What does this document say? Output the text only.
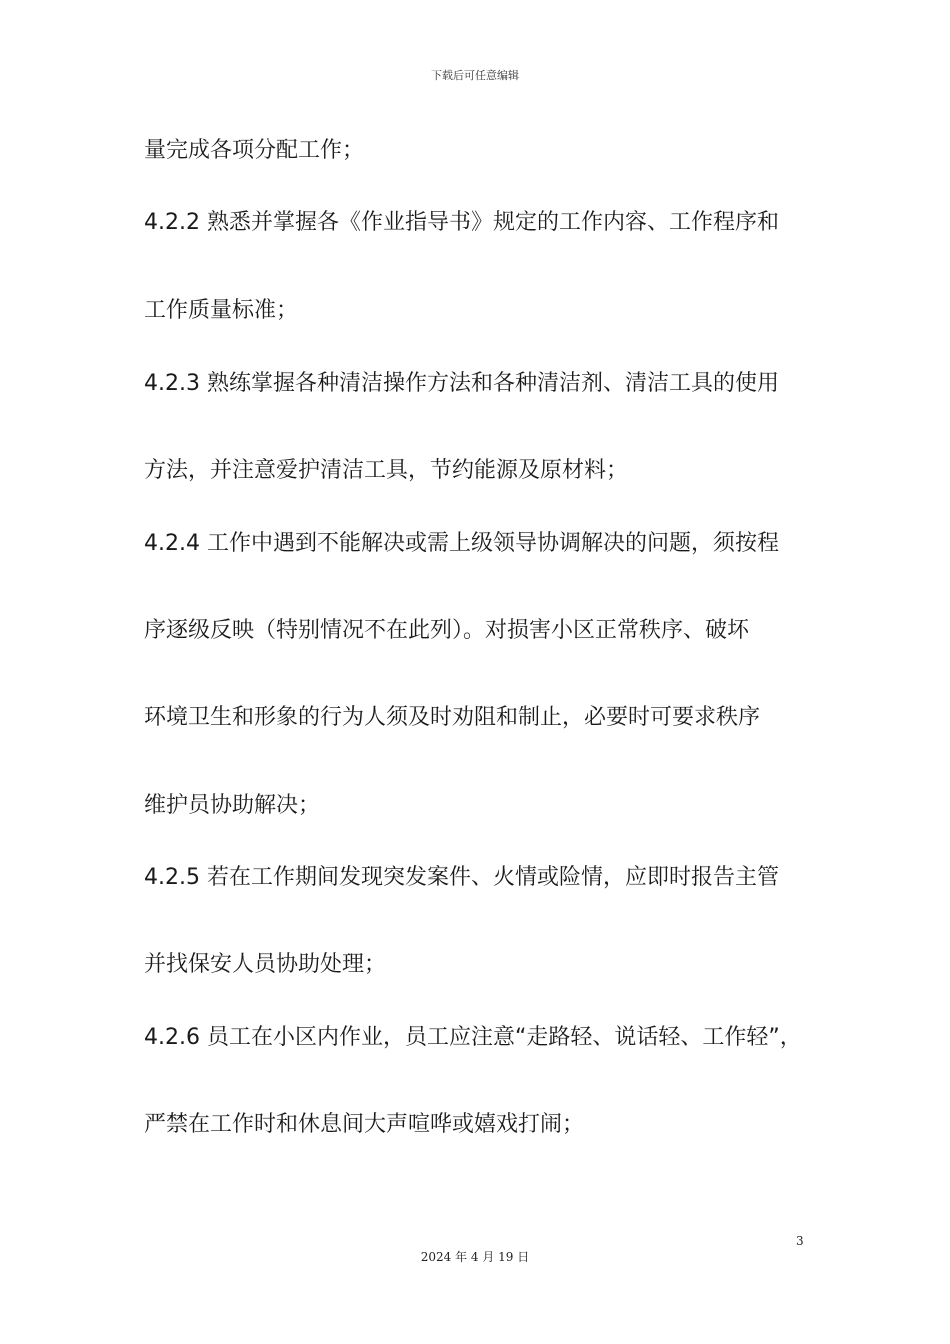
下载后可任意编辑
量完成各项分配工作；
4.2.2 熟悉并掌握各《作业指导书》规定的工作内容、工作程序和
工作质量标准；
4.2.3 熟练掌握各种清洁操作方法和各种清洁剂、清洁工具的使用
方法，并注意爱护清洁工具，节约能源及原材料；
4.2.4 工作中遇到不能解决或需上级领导协调解决的问题，须按程
序逐级反映（特别情况不在此列）。对损害小区正常秩序、破坏
环境卫生和形象的行为人须及时劝阻和制止，必要时可要求秩序
维护员协助解决；
4.2.5 若在工作期间发现突发案件、火情或险情，应即时报告主管
并找保安人员协助处理；
4.2.6 员工在小区内作业，员工应注意“走路轻、说话轻、工作轻”，
严禁在工作时和休息间大声喧哗或嬉戏打闹；
3
2024 年 4 月 19 日
